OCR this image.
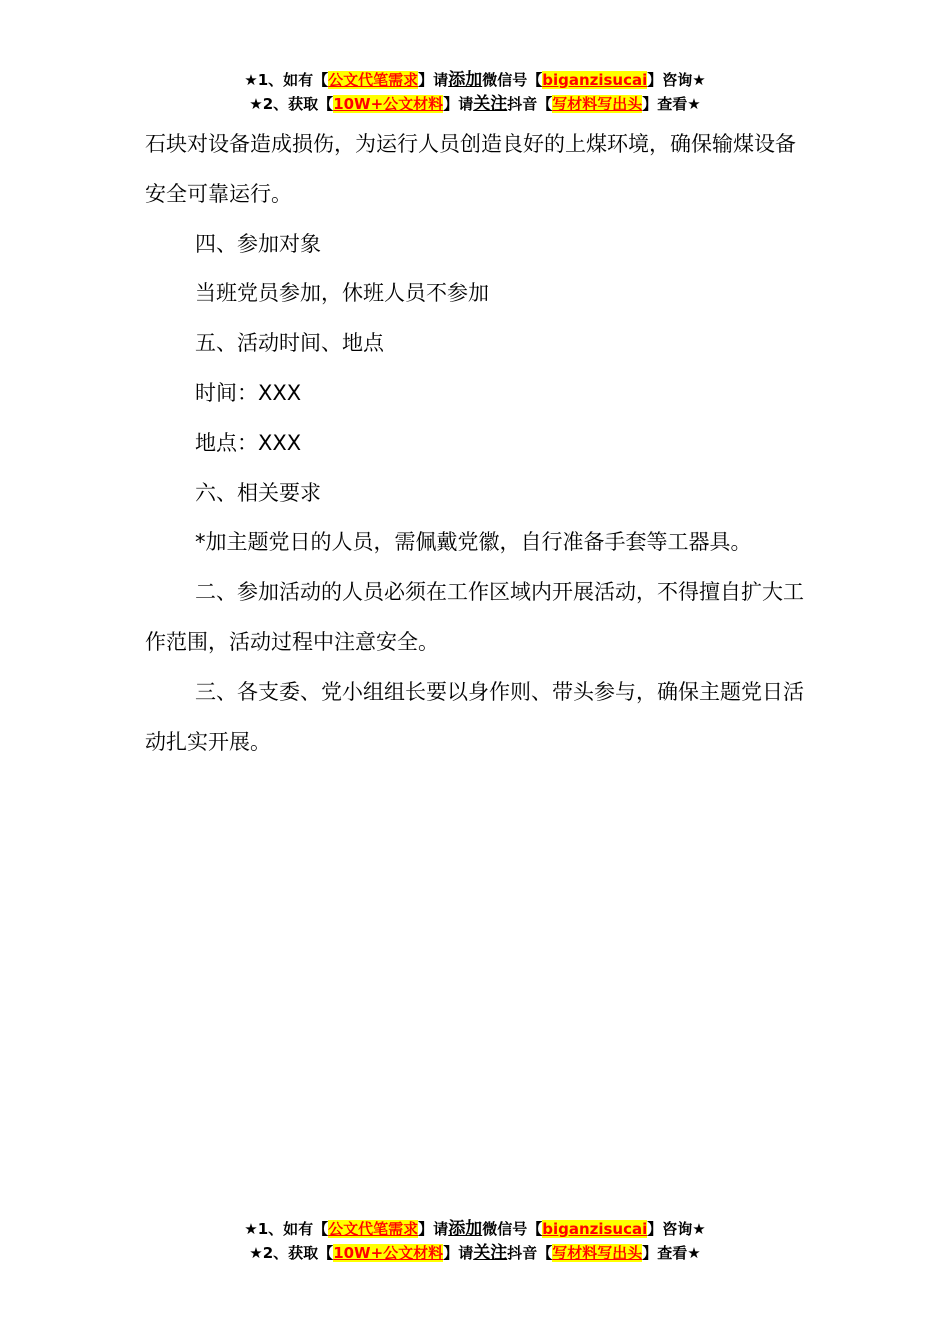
★1、如有【公文代笔需求】请添加微信号【biganzisucai】咨询★
★2、获取【10W+公文材料】请关注抖音【写材料写出头】查看★

石块对设备造成损伤，为运行人员创造良好的上煤环境，确保输煤设备安全可靠运行。

四、参加对象

当班党员参加，休班人员不参加

五、活动时间、地点

时间：XXX

地点：XXX

六、相关要求

*加主题党日的人员，需佩戴党徽，自行准备手套等工器具。

二、参加活动的人员必须在工作区域内开展活动，不得擅自扩大工作范围，活动过程中注意安全。

三、各支委、党小组组长要以身作则、带头参与，确保主题党日活动扎实开展。

★1、如有【公文代笔需求】请添加微信号【biganzisucai】咨询★
★2、获取【10W+公文材料】请关注抖音【写材料写出头】查看★
